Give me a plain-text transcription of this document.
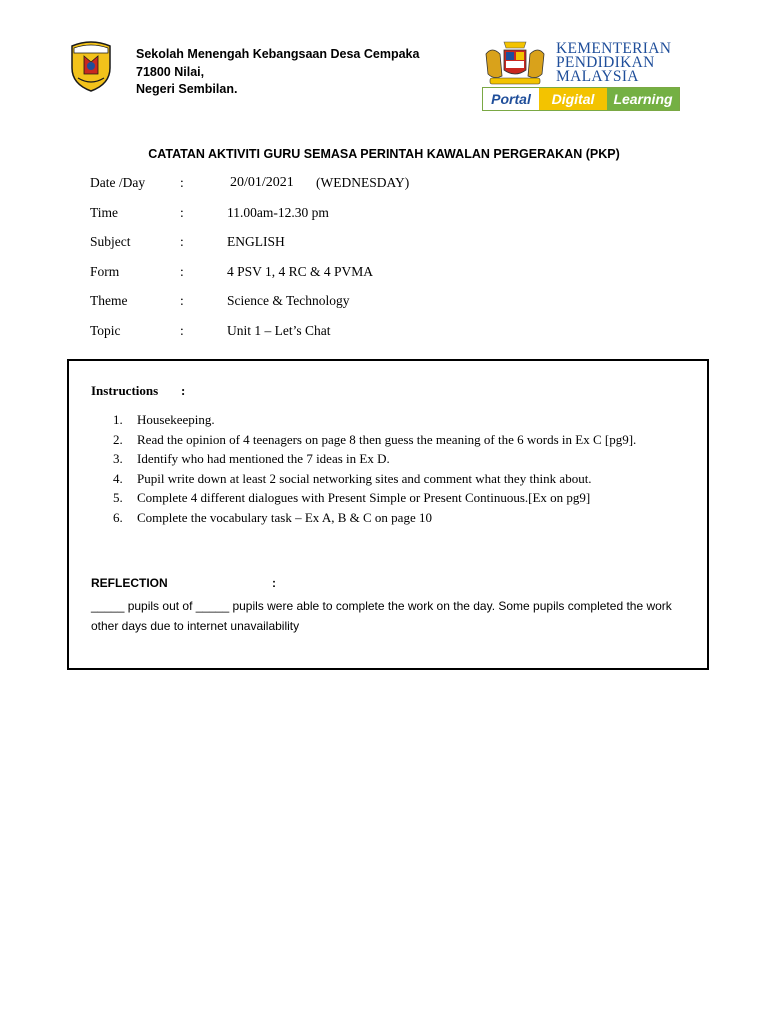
Sekolah Menengah Kebangsaan Desa Cempaka
71800 Nilai,
Negeri Sembilan.
KEMENTERIAN
PENDIDIKAN
MALAYSIA
Portal	Digital	Learning
CATATAN AKTIVITI GURU SEMASA PERINTAH KAWALAN PERGERAKAN (PKP)
Date /Day	:	20/01/2021 (WEDNESDAY)
Time	:	11.00am-12.30 pm
Subject	:	ENGLISH
Form	:	4 PSV 1, 4 RC & 4 PVMA
Theme	:	Science & Technology
Topic	:	Unit 1 – Let’s Chat
Instructions :
1. Housekeeping.
2. Read the opinion of 4 teenagers on page 8 then guess the meaning of the 6 words in Ex C [pg9].
3. Identify who had mentioned the 7 ideas in Ex D.
4. Pupil write down at least 2 social networking sites and comment what they think about.
5. Complete 4 different dialogues with Present Simple or Present Continuous.[Ex on pg9]
6. Complete the vocabulary task – Ex A, B & C on page 10
REFLECTION	:
_____ pupils out of _____ pupils were able to complete the work on the day. Some pupils completed the work other days due to internet unavailability
